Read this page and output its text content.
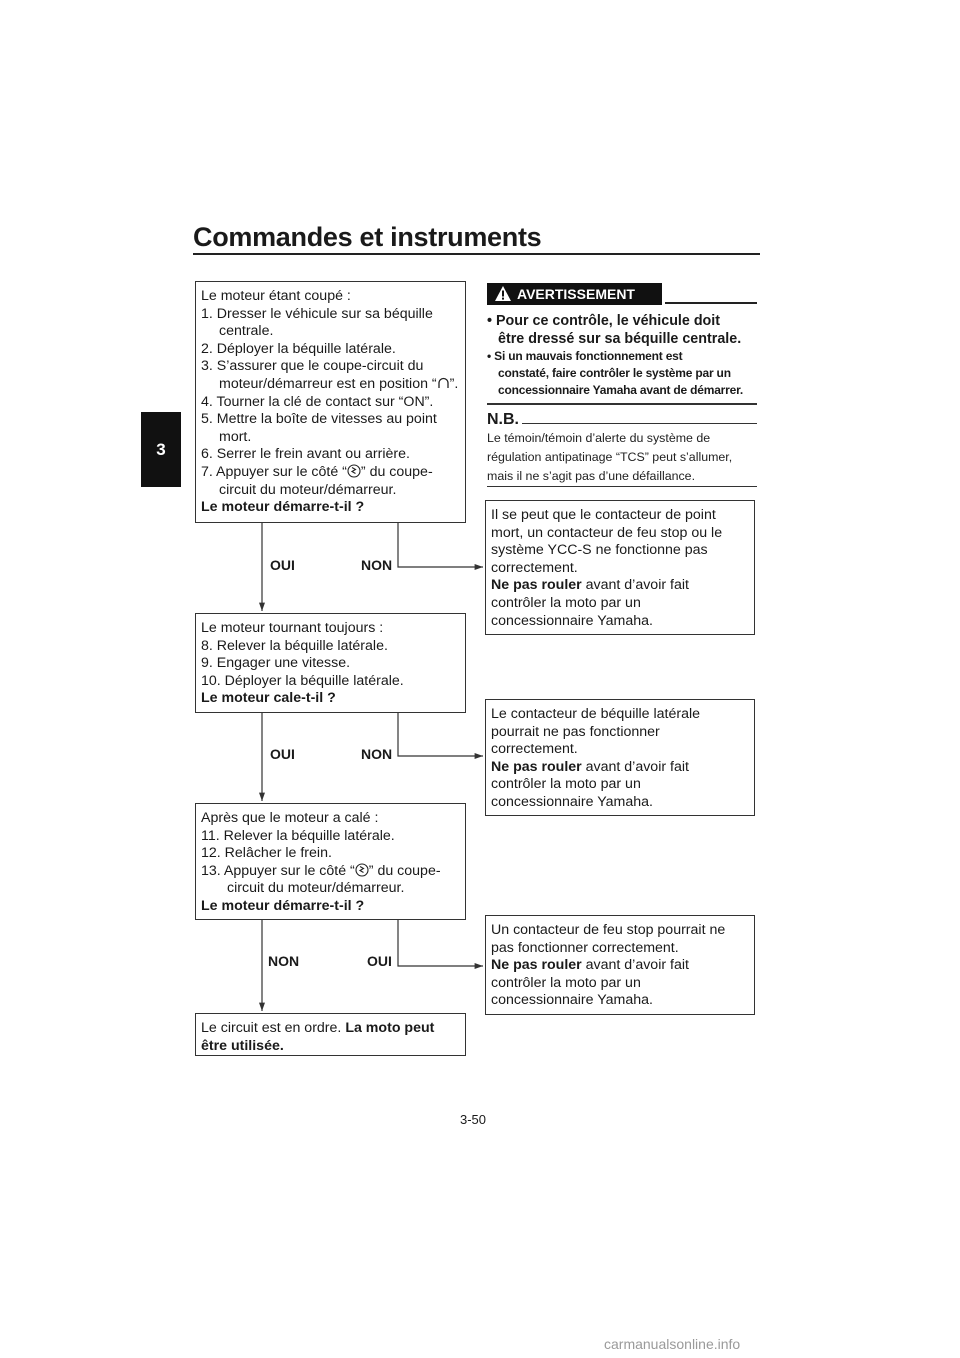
Commandes et instruments
3
Le moteur étant coupé :
1. Dresser le véhicule sur sa béquille
centrale.
2. Déployer la béquille latérale.
3. S’assurer que le coupe-circuit du
moteur/démarreur est en position “ ”.
4. Tourner la clé de contact sur “ON”.
5. Mettre la boîte de vitesses au point
mort.
6. Serrer le frein avant ou arrière.
7. Appuyer sur le côté “ ” du coupe-
circuit du moteur/démarreur.
Le moteur démarre-t-il ?
OUI	NON
Il se peut que le contacteur de point
mort, un contacteur de feu stop ou le
système YCC-S ne fonctionne pas
correctement.
Ne pas rouler avant d’avoir fait
contrôler la moto par un
concessionnaire Yamaha.
Le moteur tournant toujours :
8. Relever la béquille latérale.
9. Engager une vitesse.
10. Déployer la béquille latérale.
Le moteur cale-t-il ?
OUI	NON
Le contacteur de béquille latérale
pourrait ne pas fonctionner
correctement.
Ne pas rouler avant d’avoir fait
contrôler la moto par un
concessionnaire Yamaha.
Après que le moteur a calé :
11. Relever la béquille latérale.
12. Relâcher le frein.
13. Appuyer sur le côté “ ” du coupe-
circuit du moteur/démarreur.
Le moteur démarre-t-il ?
NON	OUI
Un contacteur de feu stop pourrait ne
pas fonctionner correctement.
Ne pas rouler avant d’avoir fait
contrôler la moto par un
concessionnaire Yamaha.
Le circuit est en ordre. La moto peut
être utilisée.
AVERTISSEMENT
• Pour ce contrôle, le véhicule doit
être dressé sur sa béquille centrale.
• Si un mauvais fonctionnement est
constaté, faire contrôler le système par un
concessionnaire Yamaha avant de démarrer.
N.B.
Le témoin/témoin d’alerte du système de
régulation antipatinage “TCS” peut s’allumer,
mais il ne s’agit pas d’une défaillance.
3-50
carmanualsonline.info
